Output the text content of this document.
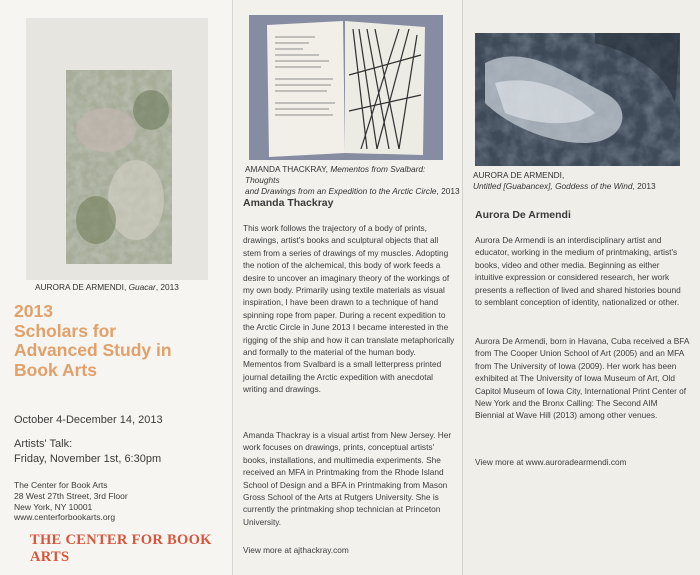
AURORA DE ARMENDI, Guacar, 2013
2013
Scholars for
Advanced Study in
Book Arts
October 4-December 14, 2013
Artists' Talk:
Friday, November 1st, 6:30pm
The Center for Book Arts
28 West 27th Street, 3rd Floor
New York, NY 10001
www.centerforbookarts.org
THE CENTER FOR BOOK ARTS
AMANDA THACKRAY, Mementos from Svalbard: Thoughts
and Drawings from an Expedition to the Arctic Circle, 2013
Amanda Thackray
This work follows the trajectory of a body of prints, drawings, artist's books and sculptural objects that all stem from a series of drawings of my muscles. Adopting the notion of the alchemical, this body of work feeds a desire to uncover an imaginary theory of the workings of my own body. Primarily using textile materials as visual inspiration, I have been drawn to a technique of hand spinning rope from paper. During a recent expedition to the Arctic Circle in June 2013 I became interested in the rigging of the ship and how it can translate metaphorically and formally to the material of the human body. Mementos from Svalbard is a small letterpress printed journal detailing the Arctic expedition with anecdotal writing and drawings.
Amanda Thackray is a visual artist from New Jersey. Her work focuses on drawings, prints, conceptual artists' books, installations, and multimedia experiments. She received an MFA in Printmaking from the Rhode Island School of Design and a BFA in Printmaking from Mason Gross School of the Arts at Rutgers University. She is currently the printmaking shop technician at Princeton University.
View more at ajthackray.com
AURORA DE ARMENDI,
Untitled [Guabancex], Goddess of the Wind, 2013
Aurora De Armendi
Aurora De Armendi is an interdisciplinary artist and educator, working in the medium of printmaking, artist's books, video and other media. Beginning as either intuitive expression or considered research, her work presents a reflection of lived and shared histories bound to semblant conception of identity, nationalized or other.
Aurora De Armendi, born in Havana, Cuba received a BFA from The Cooper Union School of Art (2005) and an MFA from The University of Iowa (2009). Her work has been exhibited at The University of Iowa Museum of Art, Old Capitol Museum of Iowa City, International Print Center of New York and the Bronx Calling: The Second AIM Biennial at Wave Hill (2013) among other venues.
View more at www.auroradearmendi.com
